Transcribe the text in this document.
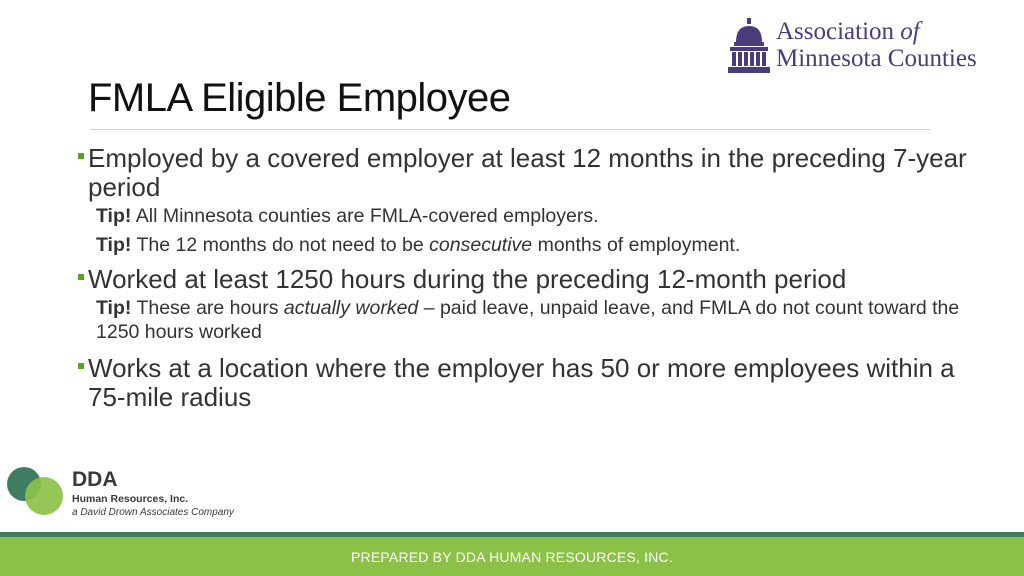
Association of
Minnesota Counties
FMLA Eligible Employee
Employed by a covered employer at least 12 months in the preceding 7-year period
Tip! All Minnesota counties are FMLA-covered employers.
Tip! The 12 months do not need to be consecutive months of employment.
Worked at least 1250 hours during the preceding 12-month period
Tip! These are hours actually worked – paid leave, unpaid leave, and FMLA do not count toward the 1250 hours worked
Works at a location where the employer has 50 or more employees within a 75-mile radius
DDA
Human Resources, Inc.
a David Drown Associates Company
PREPARED BY DDA HUMAN RESOURCES, INC.
